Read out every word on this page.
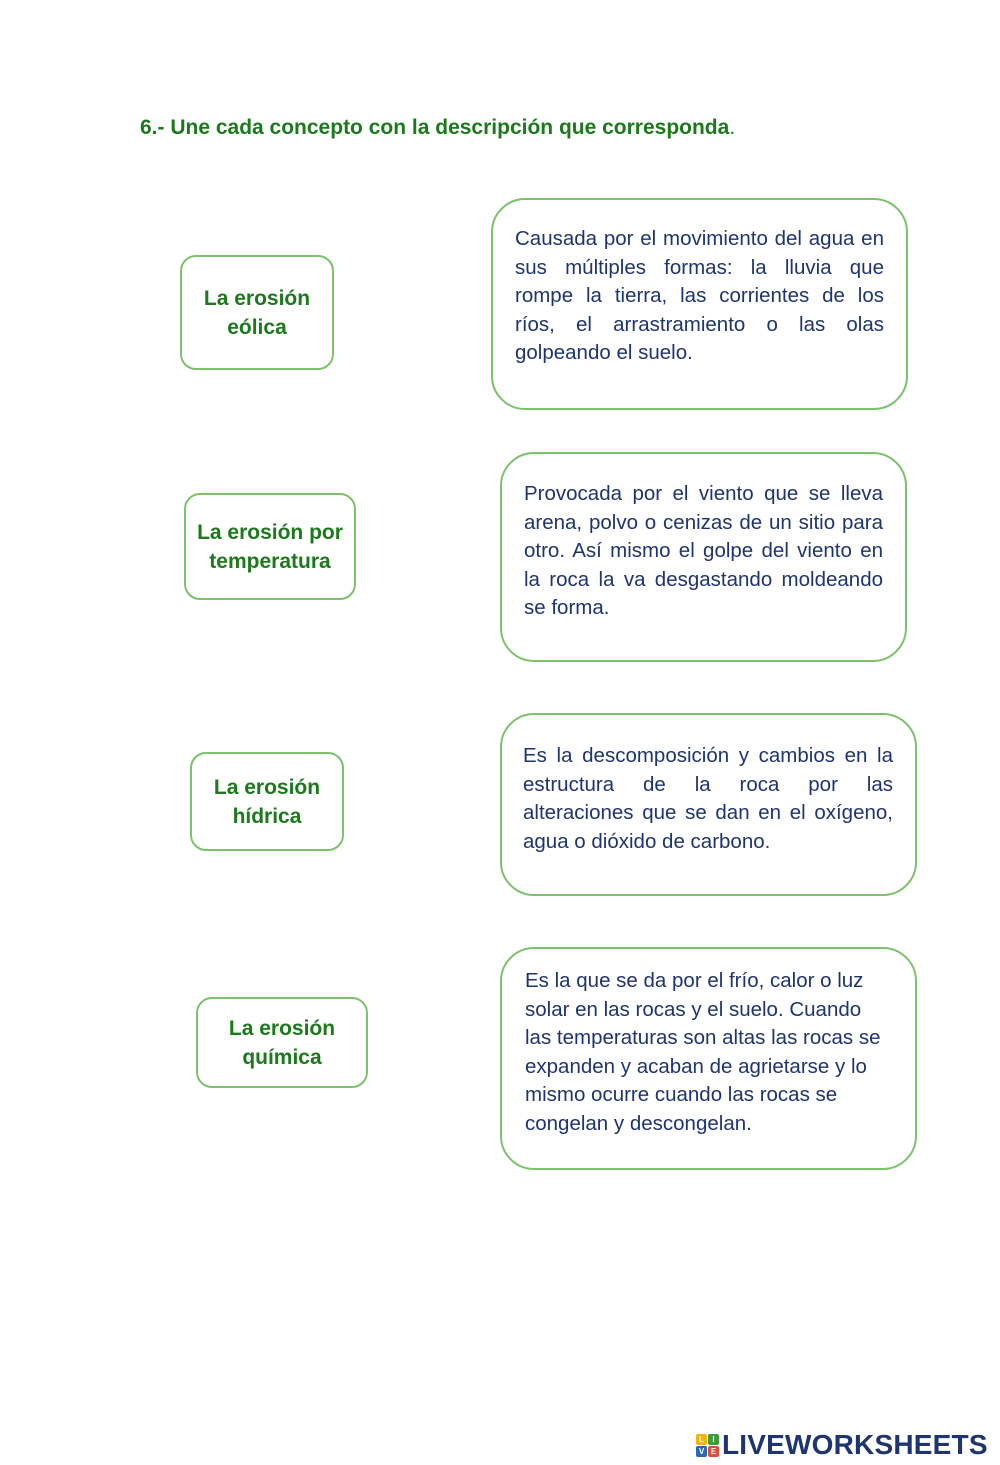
6.- Une cada concepto con la descripción que corresponda.
La erosión eólica
La erosión por temperatura
La erosión hídrica
La erosión química
Causada por el movimiento del agua en sus múltiples formas: la lluvia que rompe la tierra, las corrientes de los ríos, el arrastramiento o las olas golpeando el suelo.
Provocada por el viento que se lleva arena, polvo o cenizas de un sitio para otro. Así mismo el golpe del viento en la roca la va desgastando moldeando se forma.
Es la descomposición y cambios en la estructura de la roca por las alteraciones que se dan en el oxígeno, agua o dióxido de carbono.
Es la que se da por el frío, calor o luz solar en las rocas y el suelo. Cuando las temperaturas son altas las rocas se expanden y acaban de agrietarse y lo mismo ocurre cuando las rocas se congelan y descongelan.
L	I
V E LIVEWORKSHEETS
